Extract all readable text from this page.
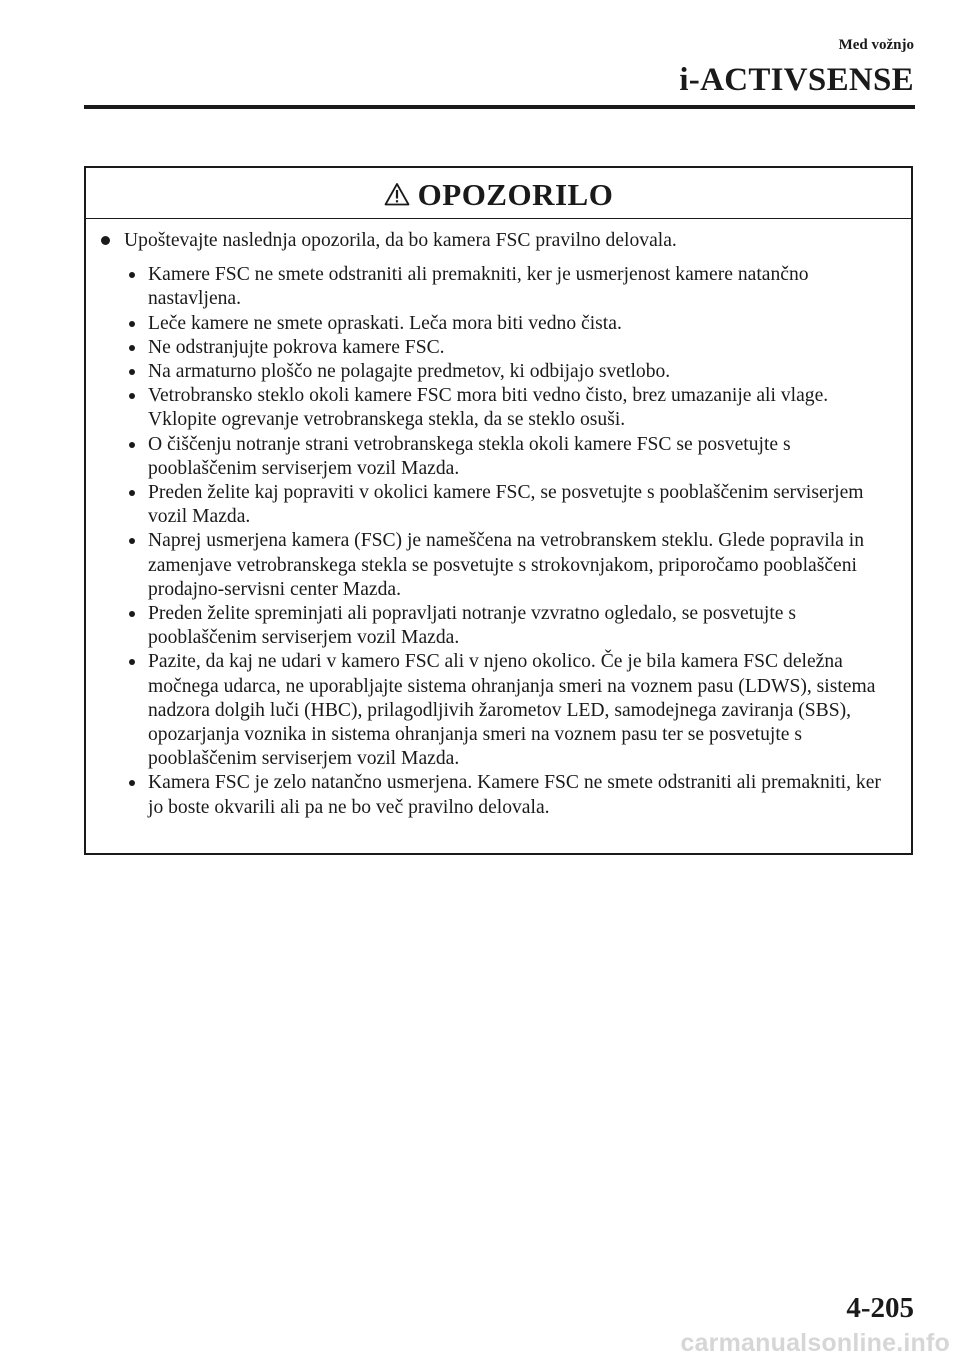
Med vožnjo
i-ACTIVSENSE
OPOZORILO
Upoštevajte naslednja opozorila, da bo kamera FSC pravilno delovala.
Kamere FSC ne smete odstraniti ali premakniti, ker je usmerjenost kamere natančno nastavljena.
Leče kamere ne smete opraskati. Leča mora biti vedno čista.
Ne odstranjujte pokrova kamere FSC.
Na armaturno ploščo ne polagajte predmetov, ki odbijajo svetlobo.
Vetrobransko steklo okoli kamere FSC mora biti vedno čisto, brez umazanije ali vlage. Vklopite ogrevanje vetrobranskega stekla, da se steklo osuši.
O čiščenju notranje strani vetrobranskega stekla okoli kamere FSC se posvetujte s pooblaščenim serviserjem vozil Mazda.
Preden želite kaj popraviti v okolici kamere FSC, se posvetujte s pooblaščenim serviserjem vozil Mazda.
Naprej usmerjena kamera (FSC) je nameščena na vetrobranskem steklu. Glede popravila in zamenjave vetrobranskega stekla se posvetujte s strokovnjakom, priporočamo pooblaščeni prodajno-servisni center Mazda.
Preden želite spreminjati ali popravljati notranje vzvratno ogledalo, se posvetujte s pooblaščenim serviserjem vozil Mazda.
Pazite, da kaj ne udari v kamero FSC ali v njeno okolico. Če je bila kamera FSC deležna močnega udarca, ne uporabljajte sistema ohranjanja smeri na voznem pasu (LDWS), sistema nadzora dolgih luči (HBC), prilagodljivih žarometov LED, samodejnega zaviranja (SBS), opozarjanja voznika in sistema ohranjanja smeri na voznem pasu ter se posvetujte s pooblaščenim serviserjem vozil Mazda.
Kamera FSC je zelo natančno usmerjena. Kamere FSC ne smete odstraniti ali premakniti, ker jo boste okvarili ali pa ne bo več pravilno delovala.
4-205
carmanualsonline.info
